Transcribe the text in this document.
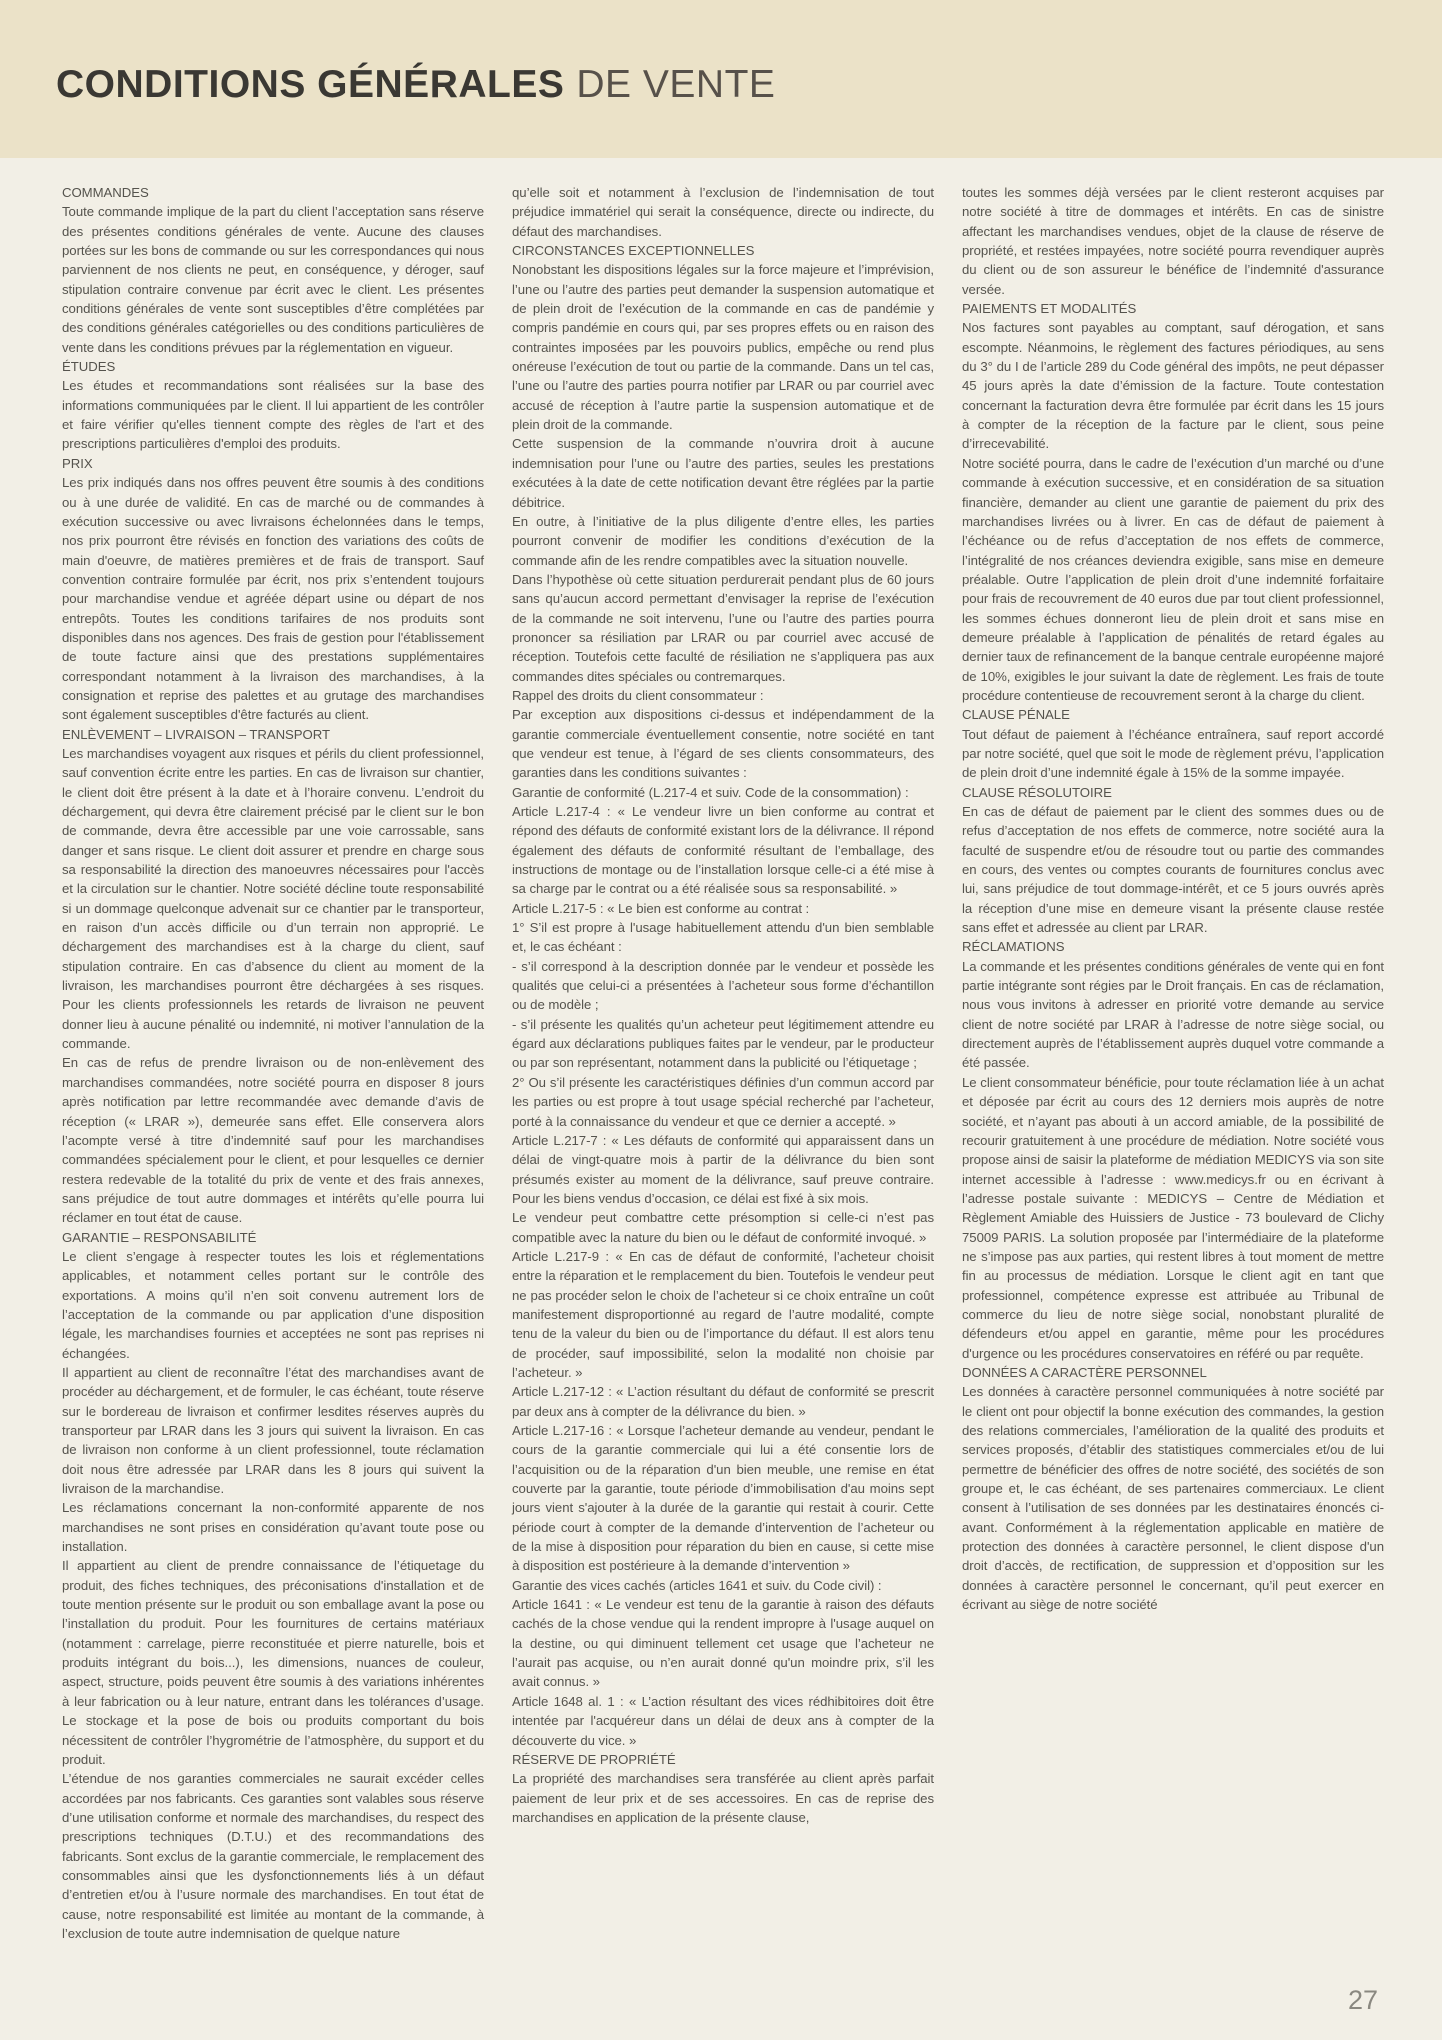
CONDITIONS GÉNÉRALES DE VENTE

COMMANDES

Toute commande implique de la part du client l’acceptation sans réserve des présentes conditions générales de vente. Aucune des clauses portées sur les bons de commande ou sur les correspondances qui nous parviennent de nos clients ne peut, en conséquence, y déroger, sauf stipulation contraire convenue par écrit avec le client. Les présentes conditions générales de vente sont susceptibles d’être complétées par des conditions générales catégorielles ou des conditions particulières de vente dans les conditions prévues par la réglementation en vigueur.

ÉTUDES

Les études et recommandations sont réalisées sur la base des informations communiquées par le client. Il lui appartient de les contrôler et faire vérifier qu'elles tiennent compte des règles de l'art et des prescriptions particulières d'emploi des produits.

PRIX

Les prix indiqués dans nos offres peuvent être soumis à des conditions ou à une durée de validité. En cas de marché ou de commandes à exécution successive ou avec livraisons échelonnées dans le temps, nos prix pourront être révisés en fonction des variations des coûts de main d'oeuvre, de matières premières et de frais de transport. Sauf convention contraire formulée par écrit, nos prix s’entendent toujours pour marchandise vendue et agréée départ usine ou départ de nos entrepôts. Toutes les conditions tarifaires de nos produits sont disponibles dans nos agences. Des frais de gestion pour l'établissement de toute facture ainsi que des prestations supplémentaires correspondant notamment à la livraison des marchandises, à la consignation et reprise des palettes et au grutage des marchandises sont également susceptibles d'être facturés au client.

ENLÈVEMENT – LIVRAISON – TRANSPORT

Les marchandises voyagent aux risques et périls du client professionnel, sauf convention écrite entre les parties. En cas de livraison sur chantier, le client doit être présent à la date et à l’horaire convenu. L’endroit du déchargement, qui devra être clairement précisé par le client sur le bon de commande, devra être accessible par une voie carrossable, sans danger et sans risque. Le client doit assurer et prendre en charge sous sa responsabilité la direction des manoeuvres nécessaires pour l'accès et la circulation sur le chantier. Notre société décline toute responsabilité si un dommage quelconque advenait sur ce chantier par le transporteur, en raison d’un accès difficile ou d’un terrain non approprié. Le déchargement des marchandises est à la charge du client, sauf stipulation contraire. En cas d’absence du client au moment de la livraison, les marchandises pourront être déchargées à ses risques. Pour les clients professionnels les retards de livraison ne peuvent donner lieu à aucune pénalité ou indemnité, ni motiver l’annulation de la commande.

En cas de refus de prendre livraison ou de non-enlèvement des marchandises commandées, notre société pourra en disposer 8 jours après notification par lettre recommandée avec demande d’avis de réception (« LRAR »), demeurée sans effet. Elle conservera alors l’acompte versé à titre d’indemnité sauf pour les marchandises commandées spécialement pour le client, et pour lesquelles ce dernier restera redevable de la totalité du prix de vente et des frais annexes, sans préjudice de tout autre dommages et intérêts qu’elle pourra lui réclamer en tout état de cause.

GARANTIE – RESPONSABILITÉ

Le client s’engage à respecter toutes les lois et réglementations applicables, et notamment celles portant sur le contrôle des exportations. A moins qu’il n’en soit convenu autrement lors de l’acceptation de la commande ou par application d’une disposition légale, les marchandises fournies et acceptées ne sont pas reprises ni échangées.

Il appartient au client de reconnaître l’état des marchandises avant de procéder au déchargement, et de formuler, le cas échéant, toute réserve sur le bordereau de livraison et confirmer lesdites réserves auprès du transporteur par LRAR dans les 3 jours qui suivent la livraison. En cas de livraison non conforme à un client professionnel, toute réclamation doit nous être adressée par LRAR dans les 8 jours qui suivent la livraison de la marchandise.

Les réclamations concernant la non-conformité apparente de nos marchandises ne sont prises en considération qu’avant toute pose ou installation.

Il appartient au client de prendre connaissance de l’étiquetage du produit, des fiches techniques, des préconisations d'installation et de toute mention présente sur le produit ou son emballage avant la pose ou l’installation du produit. Pour les fournitures de certains matériaux (notamment : carrelage, pierre reconstituée et pierre naturelle, bois et produits intégrant du bois...), les dimensions, nuances de couleur, aspect, structure, poids peuvent être soumis à des variations inhérentes à leur fabrication ou à leur nature, entrant dans les tolérances d’usage. Le stockage et la pose de bois ou produits comportant du bois nécessitent de contrôler l’hygrométrie de l’atmosphère, du support et du produit.

L’étendue de nos garanties commerciales ne saurait excéder celles accordées par nos fabricants. Ces garanties sont valables sous réserve d’une utilisation conforme et normale des marchandises, du respect des prescriptions techniques (D.T.U.) et des recommandations des fabricants. Sont exclus de la garantie commerciale, le remplacement des consommables ainsi que les dysfonctionnements liés à un défaut d’entretien et/ou à l’usure normale des marchandises. En tout état de cause, notre responsabilité est limitée au montant de la commande, à l’exclusion de toute autre indemnisation de quelque nature

qu’elle soit et notamment à l’exclusion de l’indemnisation de tout préjudice immatériel qui serait la conséquence, directe ou indirecte, du défaut des marchandises.

CIRCONSTANCES EXCEPTIONNELLES

Nonobstant les dispositions légales sur la force majeure et l’imprévision, l’une ou l’autre des parties peut demander la suspension automatique et de plein droit de l’exécution de la commande en cas de pandémie y compris pandémie en cours qui, par ses propres effets ou en raison des contraintes imposées par les pouvoirs publics, empêche ou rend plus onéreuse l’exécution de tout ou partie de la commande. Dans un tel cas, l’une ou l’autre des parties pourra notifier par LRAR ou par courriel avec accusé de réception à l’autre partie la suspension automatique et de plein droit de la commande.

Cette suspension de la commande n’ouvrira droit à aucune indemnisation pour l’une ou l’autre des parties, seules les prestations exécutées à la date de cette notification devant être réglées par la partie débitrice.

En outre, à l’initiative de la plus diligente d’entre elles, les parties pourront convenir de modifier les conditions d’exécution de la commande afin de les rendre compatibles avec la situation nouvelle.

Dans l’hypothèse où cette situation perdurerait pendant plus de 60 jours sans qu’aucun accord permettant d’envisager la reprise de l’exécution de la commande ne soit intervenu, l’une ou l’autre des parties pourra prononcer sa résiliation par LRAR ou par courriel avec accusé de réception. Toutefois cette faculté de résiliation ne s’appliquera pas aux commandes dites spéciales ou contremarques.

Rappel des droits du client consommateur :

Par exception aux dispositions ci-dessus et indépendamment de la garantie commerciale éventuellement consentie, notre société en tant que vendeur est tenue, à l’égard de ses clients consommateurs, des garanties dans les conditions suivantes :

Garantie de conformité (L.217-4 et suiv. Code de la consommation) :

Article L.217-4 : « Le vendeur livre un bien conforme au contrat et répond des défauts de conformité existant lors de la délivrance. Il répond également des défauts de conformité résultant de l’emballage, des instructions de montage ou de l’installation lorsque celle-ci a été mise à sa charge par le contrat ou a été réalisée sous sa responsabilité. »

Article L.217-5 : « Le bien est conforme au contrat :

1° S’il est propre à l'usage habituellement attendu d'un bien semblable et, le cas échéant :

- s’il correspond à la description donnée par le vendeur et possède les qualités que celui-ci a présentées à l’acheteur sous forme d’échantillon ou de modèle ;

- s’il présente les qualités qu’un acheteur peut légitimement attendre eu égard aux déclarations publiques faites par le vendeur, par le producteur ou par son représentant, notamment dans la publicité ou l’étiquetage ;

2° Ou s’il présente les caractéristiques définies d’un commun accord par les parties ou est propre à tout usage spécial recherché par l’acheteur, porté à la connaissance du vendeur et que ce dernier a accepté. »

Article L.217-7 : « Les défauts de conformité qui apparaissent dans un délai de vingt-quatre mois à partir de la délivrance du bien sont présumés exister au moment de la délivrance, sauf preuve contraire. Pour les biens vendus d’occasion, ce délai est fixé à six mois.

Le vendeur peut combattre cette présomption si celle-ci n’est pas compatible avec la nature du bien ou le défaut de conformité invoqué. »

Article L.217-9 : « En cas de défaut de conformité, l’acheteur choisit entre la réparation et le remplacement du bien. Toutefois le vendeur peut ne pas procéder selon le choix de l’acheteur si ce choix entraîne un coût manifestement disproportionné au regard de l’autre modalité, compte tenu de la valeur du bien ou de l’importance du défaut. Il est alors tenu de procéder, sauf impossibilité, selon la modalité non choisie par l’acheteur. »

Article L.217-12 : « L’action résultant du défaut de conformité se prescrit par deux ans à compter de la délivrance du bien. »

Article L.217-16 : « Lorsque l’acheteur demande au vendeur, pendant le cours de la garantie commerciale qui lui a été consentie lors de l’acquisition ou de la réparation d'un bien meuble, une remise en état couverte par la garantie, toute période d’immobilisation d'au moins sept jours vient s'ajouter à la durée de la garantie qui restait à courir. Cette période court à compter de la demande d’intervention de l’acheteur ou de la mise à disposition pour réparation du bien en cause, si cette mise à disposition est postérieure à la demande d’intervention »

Garantie des vices cachés (articles 1641 et suiv. du Code civil) :

Article 1641 : « Le vendeur est tenu de la garantie à raison des défauts cachés de la chose vendue qui la rendent impropre à l'usage auquel on la destine, ou qui diminuent tellement cet usage que l’acheteur ne l’aurait pas acquise, ou n’en aurait donné qu'un moindre prix, s’il les avait connus. »

Article 1648 al. 1 : « L’action résultant des vices rédhibitoires doit être intentée par l'acquéreur dans un délai de deux ans à compter de la découverte du vice. »

RÉSERVE DE PROPRIÉTÉ

La propriété des marchandises sera transférée au client après parfait paiement de leur prix et de ses accessoires. En cas de reprise des marchandises en application de la présente clause,

toutes les sommes déjà versées par le client resteront acquises par notre société à titre de dommages et intérêts. En cas de sinistre affectant les marchandises vendues, objet de la clause de réserve de propriété, et restées impayées, notre société pourra revendiquer auprès du client ou de son assureur le bénéfice de l’indemnité d'assurance versée.

PAIEMENTS ET MODALITÉS

Nos factures sont payables au comptant, sauf dérogation, et sans escompte. Néanmoins, le règlement des factures périodiques, au sens du 3° du I de l’article 289 du Code général des impôts, ne peut dépasser 45 jours après la date d’émission de la facture. Toute contestation concernant la facturation devra être formulée par écrit dans les 15 jours à compter de la réception de la facture par le client, sous peine d’irrecevabilité.

Notre société pourra, dans le cadre de l’exécution d’un marché ou d’une commande à exécution successive, et en considération de sa situation financière, demander au client une garantie de paiement du prix des marchandises livrées ou à livrer. En cas de défaut de paiement à l’échéance ou de refus d’acceptation de nos effets de commerce, l’intégralité de nos créances deviendra exigible, sans mise en demeure préalable. Outre l’application de plein droit d’une indemnité forfaitaire pour frais de recouvrement de 40 euros due par tout client professionnel, les sommes échues donneront lieu de plein droit et sans mise en demeure préalable à l’application de pénalités de retard égales au dernier taux de refinancement de la banque centrale européenne majoré de 10%, exigibles le jour suivant la date de règlement. Les frais de toute procédure contentieuse de recouvrement seront à la charge du client.

CLAUSE PÉNALE

Tout défaut de paiement à l’échéance entraînera, sauf report accordé par notre société, quel que soit le mode de règlement prévu, l’application de plein droit d’une indemnité égale à 15% de la somme impayée.

CLAUSE RÉSOLUTOIRE

En cas de défaut de paiement par le client des sommes dues ou de refus d’acceptation de nos effets de commerce, notre société aura la faculté de suspendre et/ou de résoudre tout ou partie des commandes en cours, des ventes ou comptes courants de fournitures conclus avec lui, sans préjudice de tout dommage-intérêt, et ce 5 jours ouvrés après la réception d’une mise en demeure visant la présente clause restée sans effet et adressée au client par LRAR.

RÉCLAMATIONS

La commande et les présentes conditions générales de vente qui en font partie intégrante sont régies par le Droit français. En cas de réclamation, nous vous invitons à adresser en priorité votre demande au service client de notre société par LRAR à l’adresse de notre siège social, ou directement auprès de l’établissement auprès duquel votre commande a été passée.

Le client consommateur bénéficie, pour toute réclamation liée à un achat et déposée par écrit au cours des 12 derniers mois auprès de notre société, et n’ayant pas abouti à un accord amiable, de la possibilité de recourir gratuitement à une procédure de médiation. Notre société vous propose ainsi de saisir la plateforme de médiation MEDICYS via son site internet accessible à l’adresse : www.medicys.fr ou en écrivant à l’adresse postale suivante : MEDICYS – Centre de Médiation et Règlement Amiable des Huissiers de Justice - 73 boulevard de Clichy 75009 PARIS. La solution proposée par l’intermédiaire de la plateforme ne s’impose pas aux parties, qui restent libres à tout moment de mettre fin au processus de médiation. Lorsque le client agit en tant que professionnel, compétence expresse est attribuée au Tribunal de commerce du lieu de notre siège social, nonobstant pluralité de défendeurs et/ou appel en garantie, même pour les procédures d'urgence ou les procédures conservatoires en référé ou par requête.

DONNÉES A CARACTÈRE PERSONNEL

Les données à caractère personnel communiquées à notre société par le client ont pour objectif la bonne exécution des commandes, la gestion des relations commerciales, l’amélioration de la qualité des produits et services proposés, d’établir des statistiques commerciales et/ou de lui permettre de bénéficier des offres de notre société, des sociétés de son groupe et, le cas échéant, de ses partenaires commerciaux. Le client consent à l’utilisation de ses données par les destinataires énoncés ci-avant. Conformément à la réglementation applicable en matière de protection des données à caractère personnel, le client dispose d'un droit d’accès, de rectification, de suppression et d’opposition sur les données à caractère personnel le concernant, qu’il peut exercer en écrivant au siège de notre société

27
